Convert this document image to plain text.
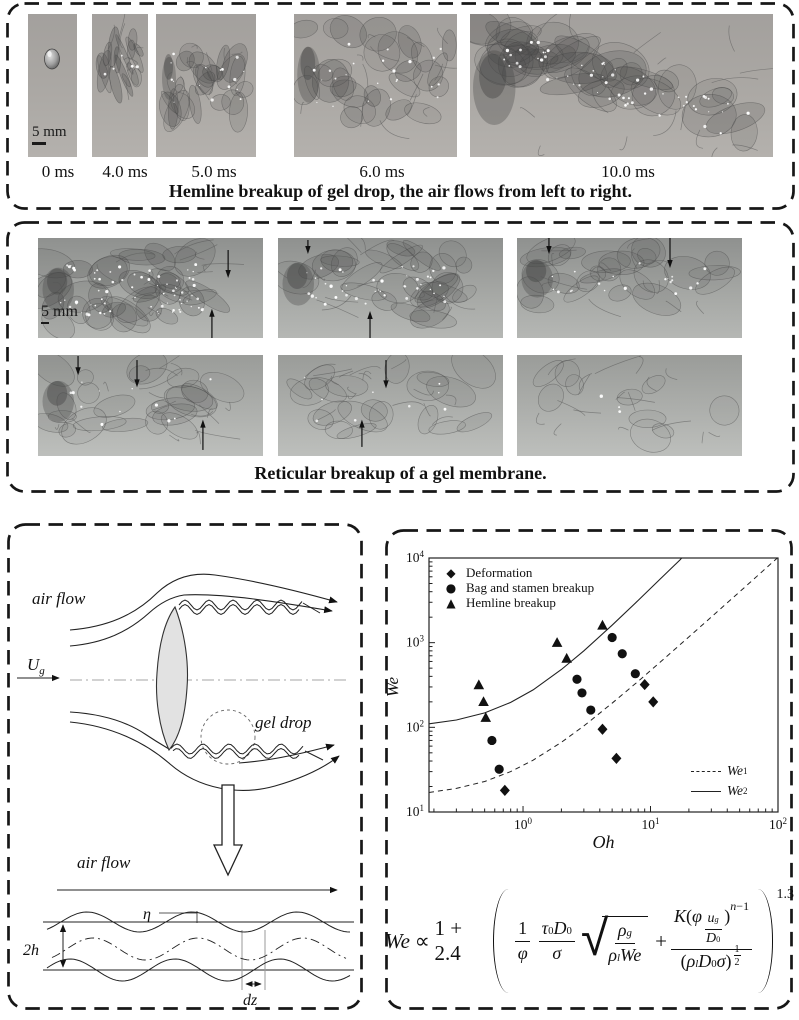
5 mm
0 ms 4.0 ms	5.0 ms	6.0 ms	10.0 ms
Hemline breakup of gel drop, the air flows from left to right.
5 mm
Reticular breakup of a gel membrane.
air flow
$U_g$
gel drop
air flow
η
2h
dz
$10^0$	$10^1$	$10^2$
$10^1$
$10^2$
$10^3$
$10^4$
◆ Deformation
● Bag and stamen breakup
▲ Hemline breakup
We 1
We 2
Oh
We
We ∝
1 + 2.4	$\frac{1}{\varphi} \frac{\tau 0 D 0}{\sigma}$ √
$\frac{\text{ρ g}}{\text{ρ l We}}$ +
K ( φ $\frac{\text{u g}}{D 0}$ ) n−1
( ρ l D 0 σ ) $\frac{1}{2}$
$^{1.3}$
